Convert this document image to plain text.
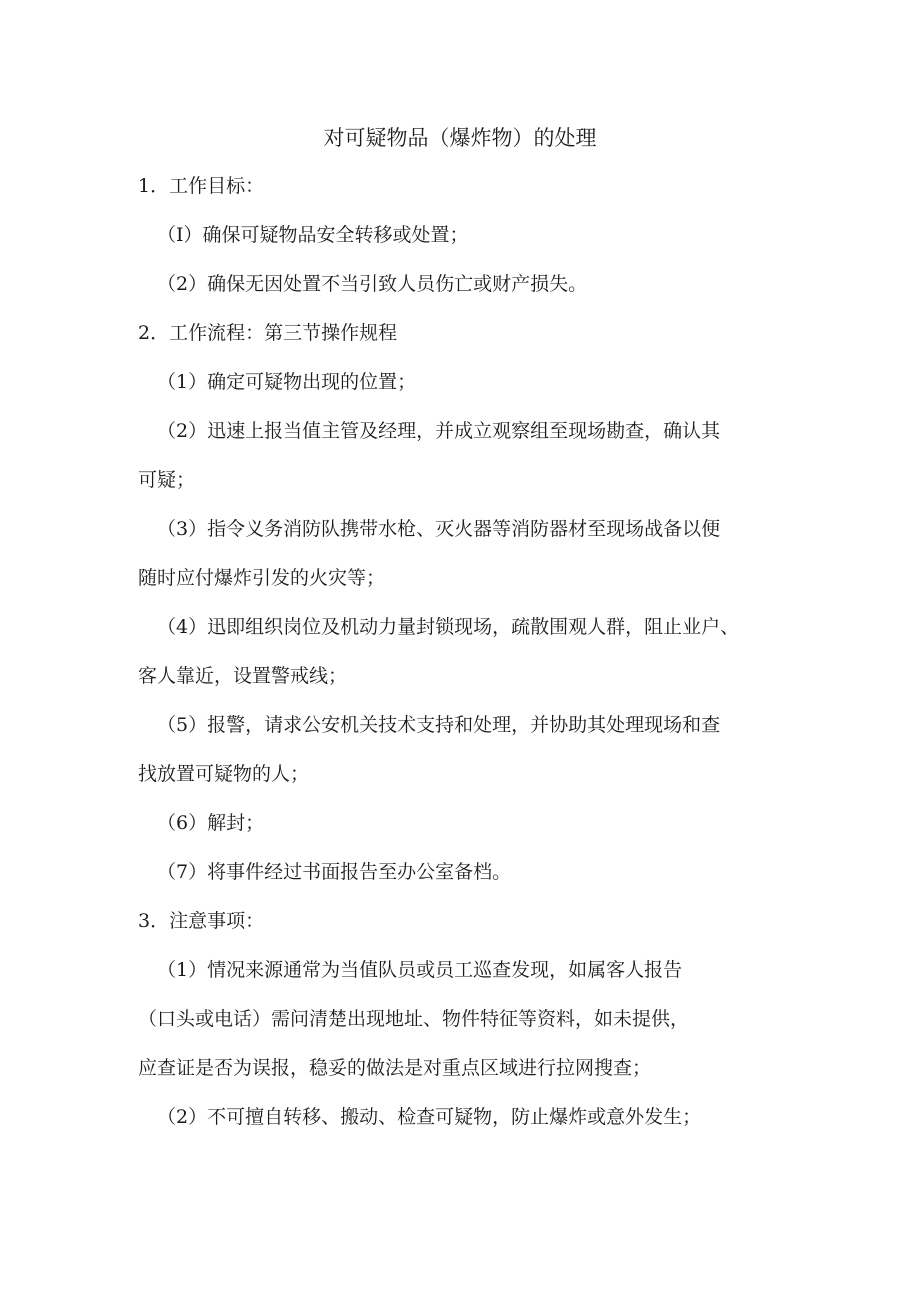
对可疑物品（爆炸物）的处理
1．工作目标：
（I）确保可疑物品安全转移或处置；
（2）确保无因处置不当引致人员伤亡或财产损失。
2．工作流程：第三节操作规程
（1）确定可疑物出现的位置；
（2）迅速上报当值主管及经理，并成立观察组至现场勘查，确认其
可疑；
（3）指令义务消防队携带水枪、灭火器等消防器材至现场战备以便
随时应付爆炸引发的火灾等；
（4）迅即组织岗位及机动力量封锁现场，疏散围观人群，阻止业户、
客人靠近，设置警戒线；
（5）报警，请求公安机关技术支持和处理，并协助其处理现场和查
找放置可疑物的人；
（6）解封；
（7）将事件经过书面报告至办公室备档。
3．注意事项：
（1）情况来源通常为当值队员或员工巡查发现，如属客人报告
（口头或电话）需问清楚出现地址、物件特征等资料，如未提供，
应查证是否为误报，稳妥的做法是对重点区域进行拉网搜查；
（2）不可擅自转移、搬动、检查可疑物，防止爆炸或意外发生；
